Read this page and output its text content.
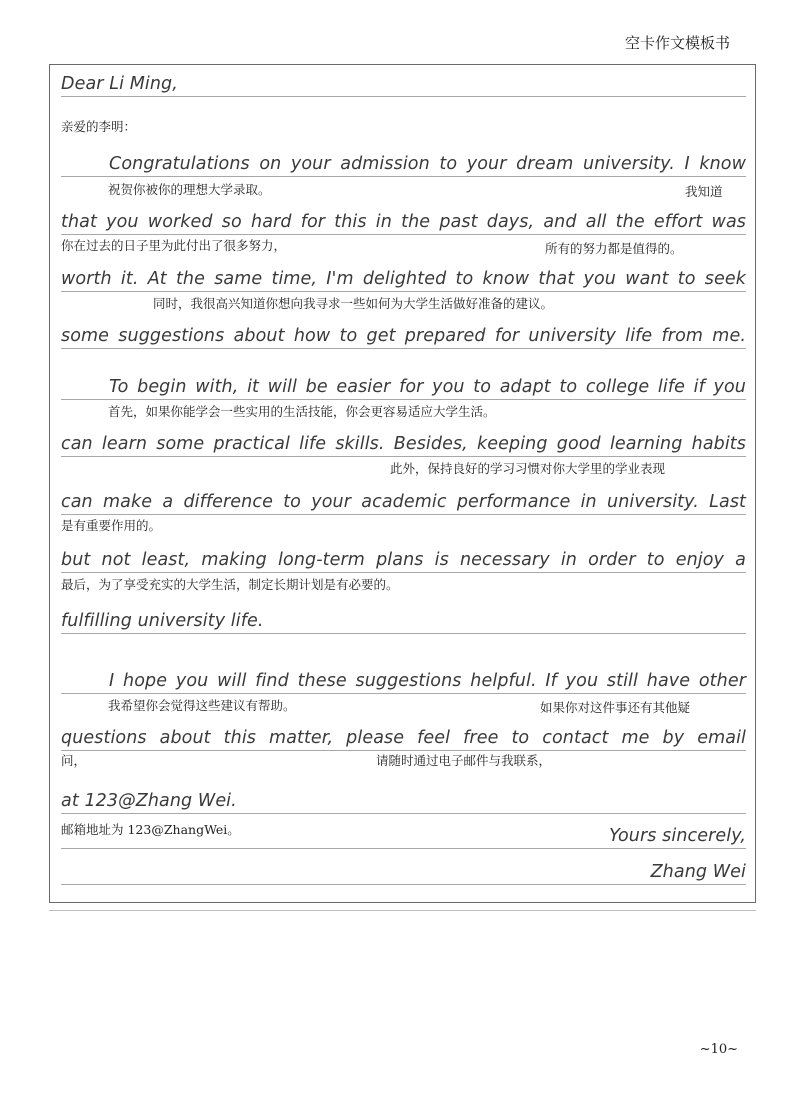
空卡作文模板书
Dear Li Ming,
亲爱的李明：
Congratulations on your admission to your dream university. I know
祝贺你被你的理想大学录取。	我知道
that you worked so hard for this in the past days, and all the effort was
你在过去的日子里为此付出了很多努力，	所有的努力都是值得的。
worth it. At the same time, I'm delighted to know that you want to seek
同时，我很高兴知道你想向我寻求一些如何为大学生活做好准备的建议。
some suggestions about how to get prepared for university life from me.
To begin with, it will be easier for you to adapt to college life if you
首先，如果你能学会一些实用的生活技能，你会更容易适应大学生活。
can learn some practical life skills. Besides, keeping good learning habits
此外，保持良好的学习习惯对你大学里的学业表现
can make a difference to your academic performance in university. Last
是有重要作用的。
but not least, making long-term plans is necessary in order to enjoy a
最后，为了享受充实的大学生活，制定长期计划是有必要的。
fulfilling university life.
I hope you will find these suggestions helpful. If you still have other
我希望你会觉得这些建议有帮助。	如果你对这件事还有其他疑
questions about this matter, please feel free to contact me by email
问，	请随时通过电子邮件与我联系，
at 123@Zhang Wei.
邮箱地址为 123@ZhangWei。	Yours sincerely,
Zhang Wei
~10~
